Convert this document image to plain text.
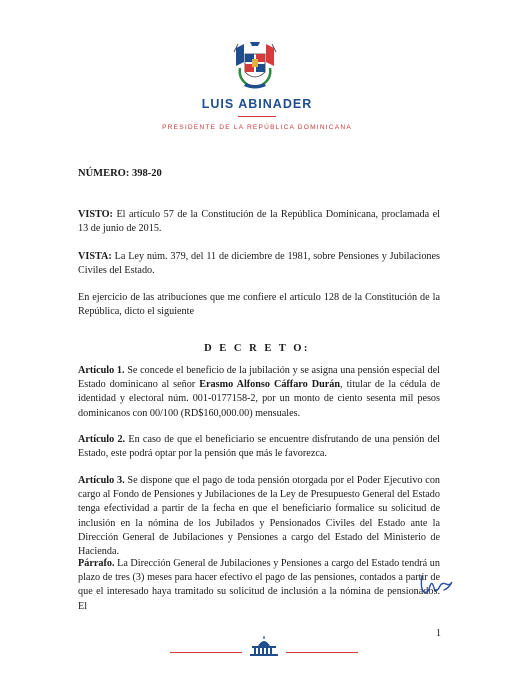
LUIS ABINADER
PRESIDENTE DE LA REPÚBLICA DOMINICANA
NÚMERO: 398-20
VISTO: El artículo 57 de la Constitución de la República Dominicana, proclamada el 13 de junio de 2015.
VISTA: La Ley núm. 379, del 11 de diciembre de 1981, sobre Pensiones y Jubilaciones Civiles del Estado.
En ejercicio de las atribuciones que me confiere el artículo 128 de la Constitución de la República, dicto el siguiente
D E C R E T O:
Artículo 1. Se concede el beneficio de la jubilación y se asigna una pensión especial del Estado dominicano al señor Erasmo Alfonso Cáffaro Durán, titular de la cédula de identidad y electoral núm. 001-0177158-2, por un monto de ciento sesenta mil pesos dominicanos con 00/100 (RD$160,000.00) mensuales.
Artículo 2. En caso de que el beneficiario se encuentre disfrutando de una pensión del Estado, este podrá optar por la pensión que más le favorezca.
Artículo 3. Se dispone que el pago de toda pensión otorgada por el Poder Ejecutivo con cargo al Fondo de Pensiones y Jubilaciones de la Ley de Presupuesto General del Estado tenga efectividad a partir de la fecha en que el beneficiario formalice su solicitud de inclusión en la nómina de los Jubilados y Pensionados Civiles del Estado ante la Dirección General de Jubilaciones y Pensiones a cargo del Estado del Ministerio de Hacienda.
Párrafo. La Dirección General de Jubilaciones y Pensiones a cargo del Estado tendrá un plazo de tres (3) meses para hacer efectivo el pago de las pensiones, contados a partir de que el interesado haya tramitado su solicitud de inclusión a la nómina de pensionados. El
1
